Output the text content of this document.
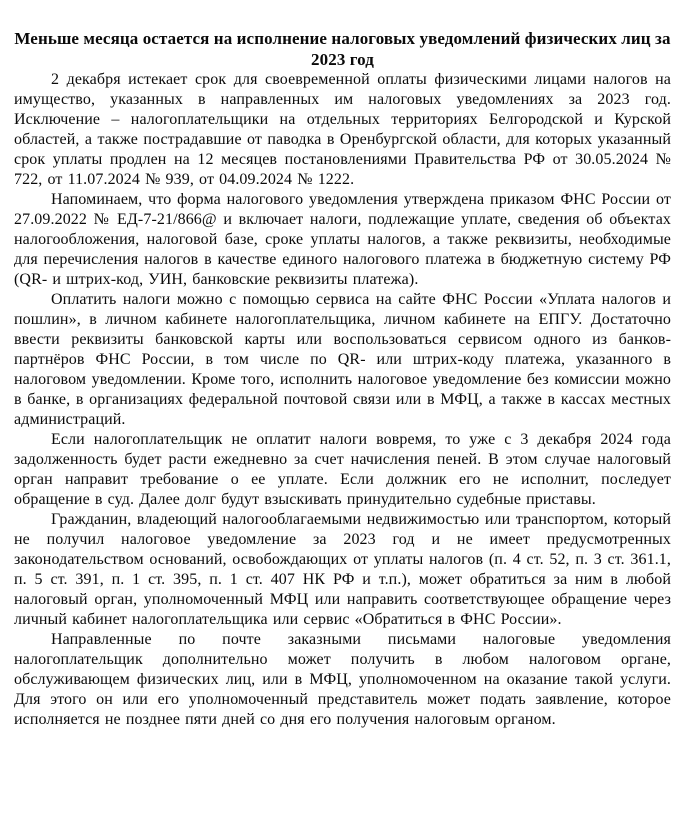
Меньше месяца остается на исполнение налоговых уведомлений физических лиц за 2023 год

2 декабря истекает срок для своевременной оплаты физическими лицами налогов на имущество, указанных в направленных им налоговых уведомлениях за 2023 год. Исключение – налогоплательщики на отдельных территориях Белгородской и Курской областей, а также пострадавшие от паводка в Оренбургской области, для которых указанный срок уплаты продлен на 12 месяцев постановлениями Правительства РФ от 30.05.2024 № 722, от 11.07.2024 № 939, от 04.09.2024 № 1222.

Напоминаем, что форма налогового уведомления утверждена приказом ФНС России от 27.09.2022 № ЕД-7-21/866@ и включает налоги, подлежащие уплате, сведения об объектах налогообложения, налоговой базе, сроке уплаты налогов, а также реквизиты, необходимые для перечисления налогов в качестве единого налогового платежа в бюджетную систему РФ (QR- и штрих-код, УИН, банковские реквизиты платежа).

Оплатить налоги можно с помощью сервиса на сайте ФНС России «Уплата налогов и пошлин», в личном кабинете налогоплательщика, личном кабинете на ЕПГУ. Достаточно ввести реквизиты банковской карты или воспользоваться сервисом одного из банков-партнёров ФНС России, в том числе по QR- или штрих-коду платежа, указанного в налоговом уведомлении. Кроме того, исполнить налоговое уведомление без комиссии можно в банке, в организациях федеральной почтовой связи или в МФЦ, а также в кассах местных администраций.

Если налогоплательщик не оплатит налоги вовремя, то уже с 3 декабря 2024 года задолженность будет расти ежедневно за счет начисления пеней. В этом случае налоговый орган направит требование о ее уплате. Если должник его не исполнит, последует обращение в суд. Далее долг будут взыскивать принудительно судебные приставы.

Гражданин, владеющий налогооблагаемыми недвижимостью или транспортом, который не получил налоговое уведомление за 2023 год и не имеет предусмотренных законодательством оснований, освобождающих от уплаты налогов (п. 4 ст. 52, п. 3 ст. 361.1, п. 5 ст. 391, п. 1 ст. 395, п. 1 ст. 407 НК РФ и т.п.), может обратиться за ним в любой налоговый орган, уполномоченный МФЦ или направить соответствующее обращение через личный кабинет налогоплательщика или сервис «Обратиться в ФНС России».

Направленные по почте заказными письмами налоговые уведомления налогоплательщик дополнительно может получить в любом налоговом органе, обслуживающем физических лиц, или в МФЦ, уполномоченном на оказание такой услуги. Для этого он или его уполномоченный представитель может подать заявление, которое исполняется не позднее пяти дней со дня его получения налоговым органом.
